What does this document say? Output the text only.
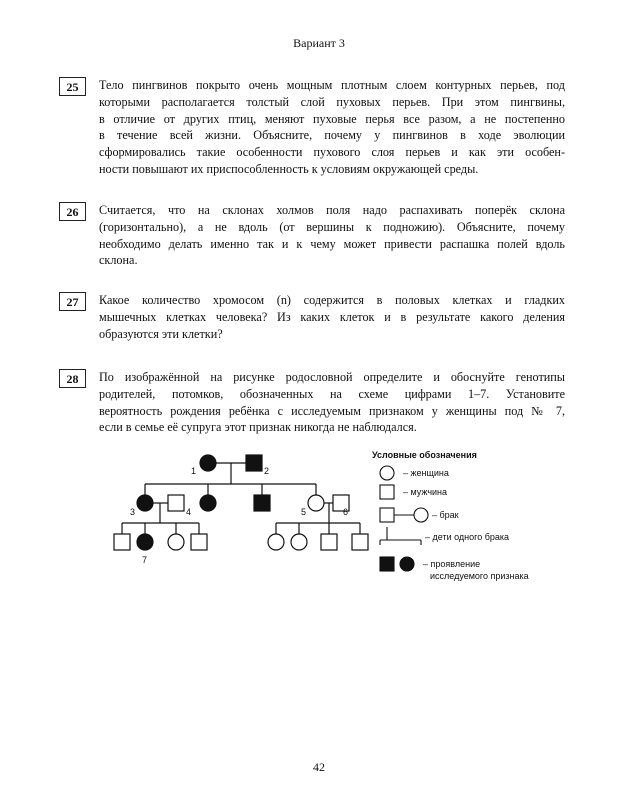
Вариант 3
25	Тело пингвинов покрыто очень мощным плотным слоем контурных перьев, под
которыми располагается толстый слой пуховых перьев. При этом пингвины,
в отличие от других птиц, меняют пуховые перья все разом, а не постепенно
в течение всей жизни. Объясните, почему у пингвинов в ходе эволюции
сформировались такие особенности пухового слоя перьев и как эти особен-
ности повышают их приспособленность к условиям окружающей среды.
26	Считается, что на склонах холмов поля надо распахивать поперёк склона
(горизонтально), а не вдоль (от вершины к подножию). Объясните, почему
необходимо делать именно так и к чему может привести распашка полей вдоль
склона.
27	Какое количество хромосом (n) содержится в половых клетках и гладких
мышечных клетках человека? Из каких клеток и в результате какого деления
образуются эти клетки?
28	По изображённой на рисунке родословной определите и обоснуйте генотипы
родителей, потомков, обозначенных на схеме цифрами 1–7. Установите
вероятность рождения ребёнка с исследуемым признаком у женщины под № 7,
если в семье её супруга этот признак никогда не наблюдался.
1	2
3	4	5	6
7
Условные обозначения
– женщина
– мужчина
– брак
– дети одного брака
– проявление
исследуемого признака
42
